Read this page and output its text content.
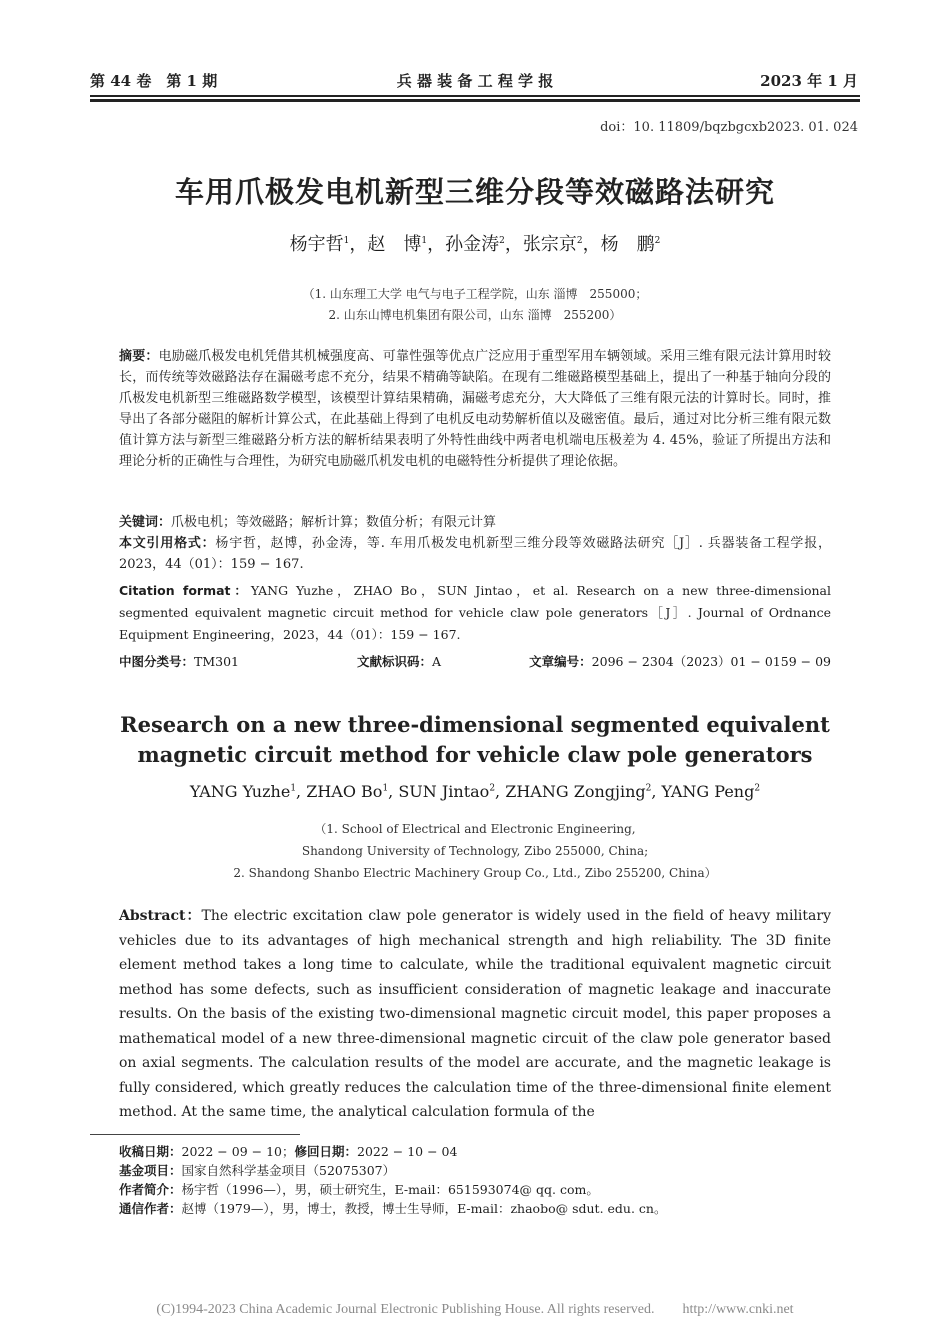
第 44 卷　第 1 期	兵 器 装 备 工 程 学 报	2023 年 1 月
doi：10. 11809/bqzbgcxb2023. 01. 024
车用爪极发电机新型三维分段等效磁路法研究
杨宇哲$^1$，赵　博$^1$，孙金涛$^2$，张宗京$^2$，杨　鹏$^2$
（1. 山东理工大学 电气与电子工程学院，山东 淄博　255000；
2. 山东山博电机集团有限公司，山东 淄博　255200）
摘要：电励磁爪极发电机凭借其机械强度高、可靠性强等优点广泛应用于重型军用车辆领域。采用三维有限元法计算用时较长，而传统等效磁路法存在漏磁考虑不充分，结果不精确等缺陷。在现有二维磁路模型基础上，提出了一种基于轴向分段的爪极发电机新型三维磁路数学模型，该模型计算结果精确，漏磁考虑充分，大大降低了三维有限元法的计算时长。同时，推导出了各部分磁阻的解析计算公式，在此基础上得到了电机反电动势解析值以及磁密值。最后，通过对比分析三维有限元数值计算方法与新型三维磁路分析方法的解析结果表明了外特性曲线中两者电机端电压极差为 4. 45%，验证了所提出方法和理论分析的正确性与合理性，为研究电励磁爪机发电机的电磁特性分析提供了理论依据。
关键词：爪极电机；等效磁路；解析计算；数值分析；有限元计算
本文引用格式：杨宇哲，赵博，孙金涛，等. 车用爪极发电机新型三维分段等效磁路法研究［J］. 兵器装备工程学报，2023，44（01）：159 − 167.
Citation format：YANG Yuzhe，ZHAO Bo，SUN Jintao，et al. Research on a new three-dimensional segmented equivalent magnetic circuit method for vehicle claw pole generators［J］. Journal of Ordnance Equipment Engineering，2023，44（01）：159 − 167.
中图分类号：TM301	文献标识码：A	文章编号：2096 − 2304（2023）01 − 0159 − 09
Research on a new three-dimensional segmented equivalent
magnetic circuit method for vehicle claw pole generators
YANG Yuzhe$^1$, ZHAO Bo$^1$, SUN Jintao$^2$, ZHANG Zongjing$^2$, YANG Peng$^2$
（1. School of Electrical and Electronic Engineering,
Shandong University of Technology, Zibo 255000, China;
2. Shandong Shanbo Electric Machinery Group Co., Ltd., Zibo 255200, China）
Abstract：The electric excitation claw pole generator is widely used in the field of heavy military vehicles due to its advantages of high mechanical strength and high reliability. The 3D finite element method takes a long time to calculate, while the traditional equivalent magnetic circuit method has some defects, such as insufficient consideration of magnetic leakage and inaccurate results. On the basis of the existing two-dimensional magnetic circuit model, this paper proposes a mathematical model of a new three-dimensional magnetic circuit of the claw pole generator based on axial segments. The calculation results of the model are accurate, and the magnetic leakage is fully considered, which greatly reduces the calculation time of the three-dimensional finite element method. At the same time, the analytical calculation formula of the
收稿日期：2022 − 09 − 10；修回日期：2022 − 10 − 04
基金项目：国家自然科学基金项目（52075307）
作者简介：杨宇哲（1996—），男，硕士研究生，E-mail：651593074@ qq. com。
通信作者：赵博（1979—），男，博士，教授，博士生导师，E-mail：zhaobo@ sdut. edu. cn。
(C)1994-2023 China Academic Journal Electronic Publishing House. All rights reserved.　　http://www.cnki.net
